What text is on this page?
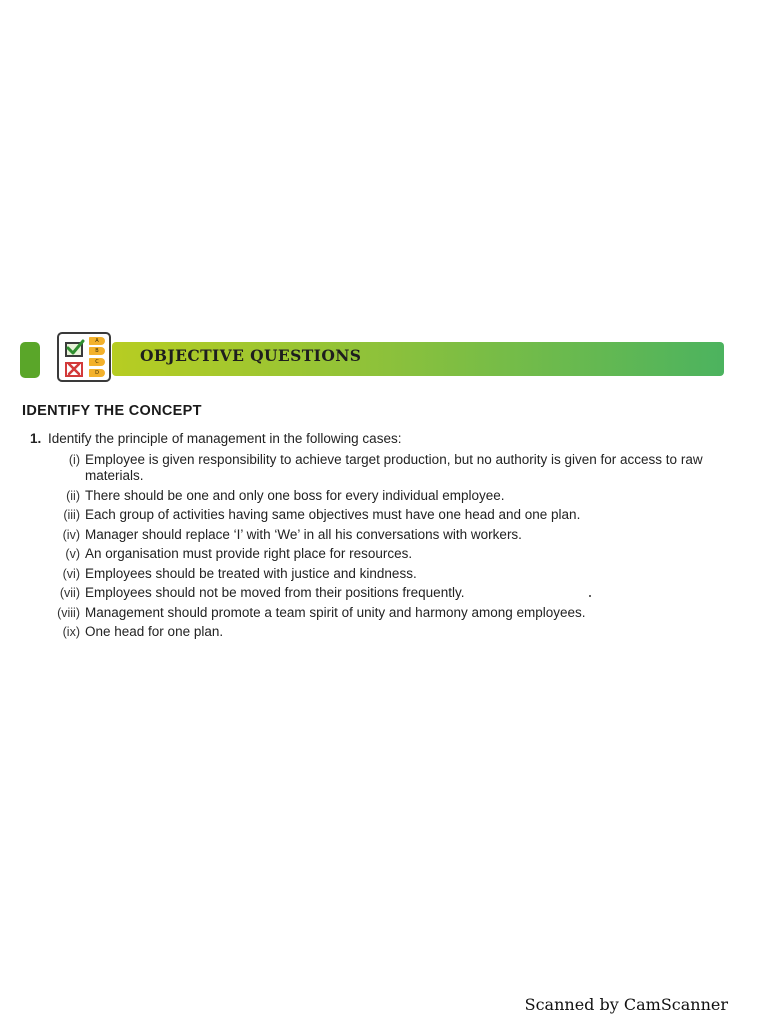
A
B
C
D
OBJECTIVE QUESTIONS
IDENTIFY THE CONCEPT
1. Identify the principle of management in the following cases:
(i) Employee is given responsibility to achieve target production, but no authority is given for access to raw materials.
(ii) There should be one and only one boss for every individual employee.
(iii) Each group of activities having same objectives must have one head and one plan.
(iv) Manager should replace ‘I’ with ‘We’ in all his conversations with workers.
(v) An organisation must provide right place for resources.
(vi) Employees should be treated with justice and kindness.
(vii) Employees should not be moved from their positions frequently.
(viii) Management should promote a team spirit of unity and harmony among employees.
(ix) One head for one plan.
Scanned by CamScanner
